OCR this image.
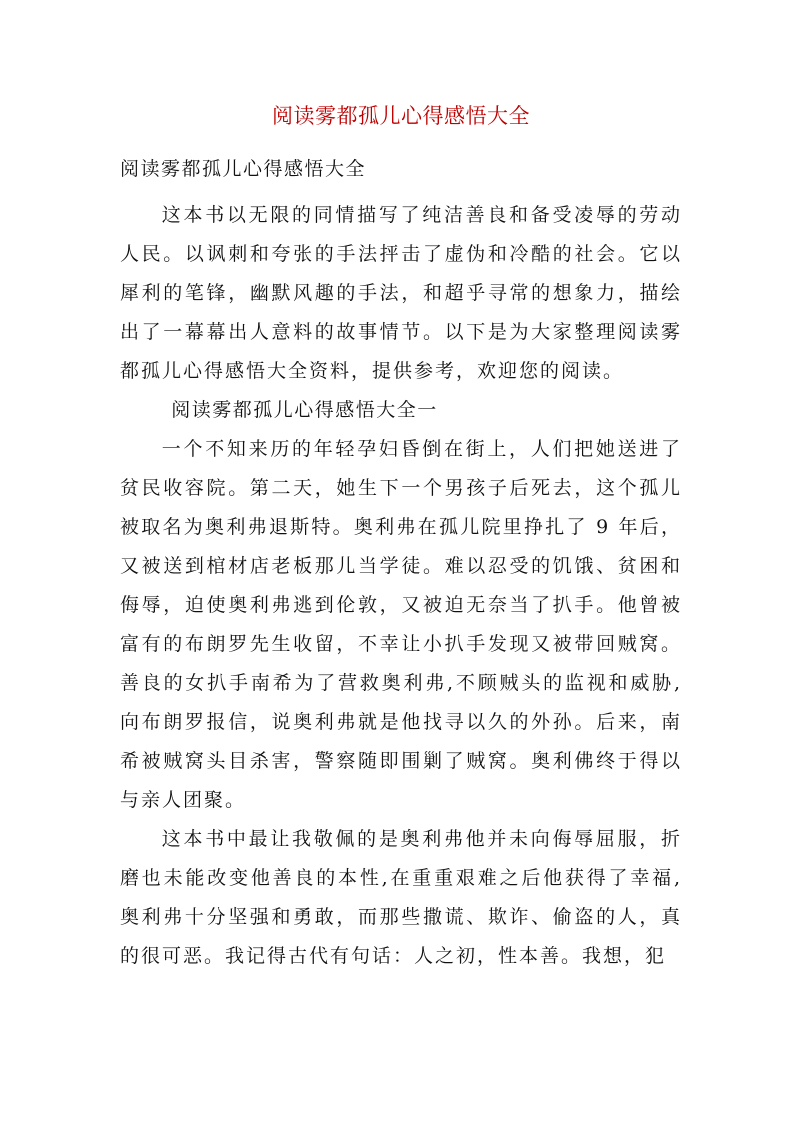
阅读雾都孤儿心得感悟大全

阅读雾都孤儿心得感悟大全

这本书以无限的同情描写了纯洁善良和备受凌辱的劳动人民。以讽刺和夸张的手法抨击了虚伪和冷酷的社会。它以犀利的笔锋，幽默风趣的手法，和超乎寻常的想象力，描绘出了一幕幕出人意料的故事情节。以下是为大家整理阅读雾都孤儿心得感悟大全资料，提供参考，欢迎您的阅读。

阅读雾都孤儿心得感悟大全一

一个不知来历的年轻孕妇昏倒在街上，人们把她送进了贫民收容院。第二天，她生下一个男孩子后死去，这个孤儿被取名为奥利弗退斯特。奥利弗在孤儿院里挣扎了 9 年后，又被送到棺材店老板那儿当学徒。难以忍受的饥饿、贫困和侮辱，迫使奥利弗逃到伦敦，又被迫无奈当了扒手。他曾被富有的布朗罗先生收留，不幸让小扒手发现又被带回贼窝。善良的女扒手南希为了营救奥利弗,不顾贼头的监视和威胁,向布朗罗报信，说奥利弗就是他找寻以久的外孙。后来，南希被贼窝头目杀害，警察随即围剿了贼窝。奥利佛终于得以与亲人团聚。

这本书中最让我敬佩的是奥利弗他并未向侮辱屈服，折磨也未能改变他善良的本性,在重重艰难之后他获得了幸福,奥利弗十分坚强和勇敢，而那些撒谎、欺诈、偷盗的人，真的很可恶。我记得古代有句话：人之初，性本善。我想，犯
